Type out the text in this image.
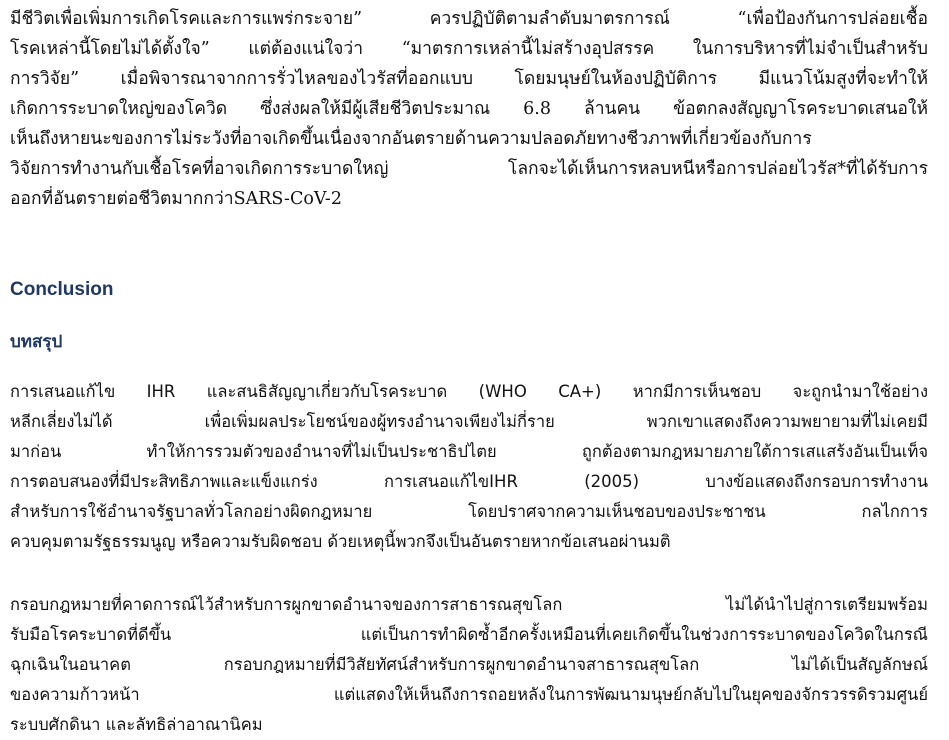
มีชีวิตเพื่อเพิ่มการเกิดโรคและการแพร่กระจาย” ควรปฏิบัติตามลำดับมาตรการณ์ “เพื่อป้องกันการปล่อยเชื้อ
โรคเหล่านี้โดยไม่ได้ตั้งใจ” แต่ต้องแน่ใจว่า “มาตรการเหล่านี้ไม่สร้างอุปสรรค ในการบริหารที่ไม่จำเป็นสำหรับ
การวิจัย” เมื่อพิจารณาจากการรั่วไหลของไวรัสที่ออกแบบ โดยมนุษย์ในห้องปฏิบัติการ มีแนวโน้มสูงที่จะทำให้
เกิดการระบาดใหญ่ของโควิด ซึ่งส่งผลให้มีผู้เสียชีวิตประมาณ 6.8 ล้านคน ข้อตกลงสัญญาโรคระบาดเสนอให้
เห็นถึงหายนะของการไม่ระวังที่อาจเกิดขึ้นเนื่องจากอันตรายด้านความปลอดภัยทางชีวภาพที่เกี่ยวข้องกับการ
วิจัยการทำงานกับเชื้อโรคที่อาจเกิดการระบาดใหญ่ โลกจะได้เห็นการหลบหนีหรือการปล่อยไวรัส*ที่ได้รับการ
ออกที่อันตรายต่อชีวิตมากกว่าSARS-CoV-2
Conclusion
บทสรุป
การเสนอแก้ไข IHR และสนธิสัญญาเกี่ยวกับโรคระบาด (WHO CA+) หากมีการเห็นชอบ จะถูกนำมาใช้อย่าง
หลีกเลี่ยงไม่ได้ เพื่อเพิ่มผลประโยชน์ของผู้ทรงอำนาจเพียงไม่กี่ราย พวกเขาแสดงถึงความพยายามที่ไม่เคยมี
มาก่อน ทำให้การรวมตัวของอำนาจที่ไม่เป็นประชาธิปไตย ถูกต้องตามกฎหมายภายใต้การเสแสร้งอันเป็นเท็จ
การตอบสนองที่มีประสิทธิภาพและแข็งแกร่ง การเสนอแก้ไขIHR (2005) บางข้อแสดงถึงกรอบการทำงาน
สำหรับการใช้อำนาจรัฐบาลทั่วโลกอย่างผิดกฎหมาย โดยปราศจากความเห็นชอบของประชาชน กลไกการ
ควบคุมตามรัฐธรรมนูญ หรือความรับผิดชอบ ด้วยเหตุนี้พวกจึงเป็นอันตรายหากข้อเสนอผ่านมติ
กรอบกฎหมายที่คาดการณ์ไว้สำหรับการผูกขาดอำนาจของการสาธารณสุขโลก ไม่ได้นำไปสู่การเตรียมพร้อม
รับมือโรคระบาดที่ดีขึ้น แต่เป็นการทำผิดซ้ำอีกครั้งเหมือนที่เคยเกิดขึ้นในช่วงการระบาดของโควิดในกรณี
ฉุกเฉินในอนาคต กรอบกฎหมายที่มีวิสัยทัศน์สำหรับการผูกขาดอำนาจสาธารณสุขโลก ไม่ได้เป็นสัญลักษณ์
ของความก้าวหน้า แต่แสดงให้เห็นถึงการถอยหลังในการพัฒนามนุษย์กลับไปในยุคของจักรวรรดิรวมศูนย์
ระบบศักดินา และลัทธิล่าอาณานิคม
